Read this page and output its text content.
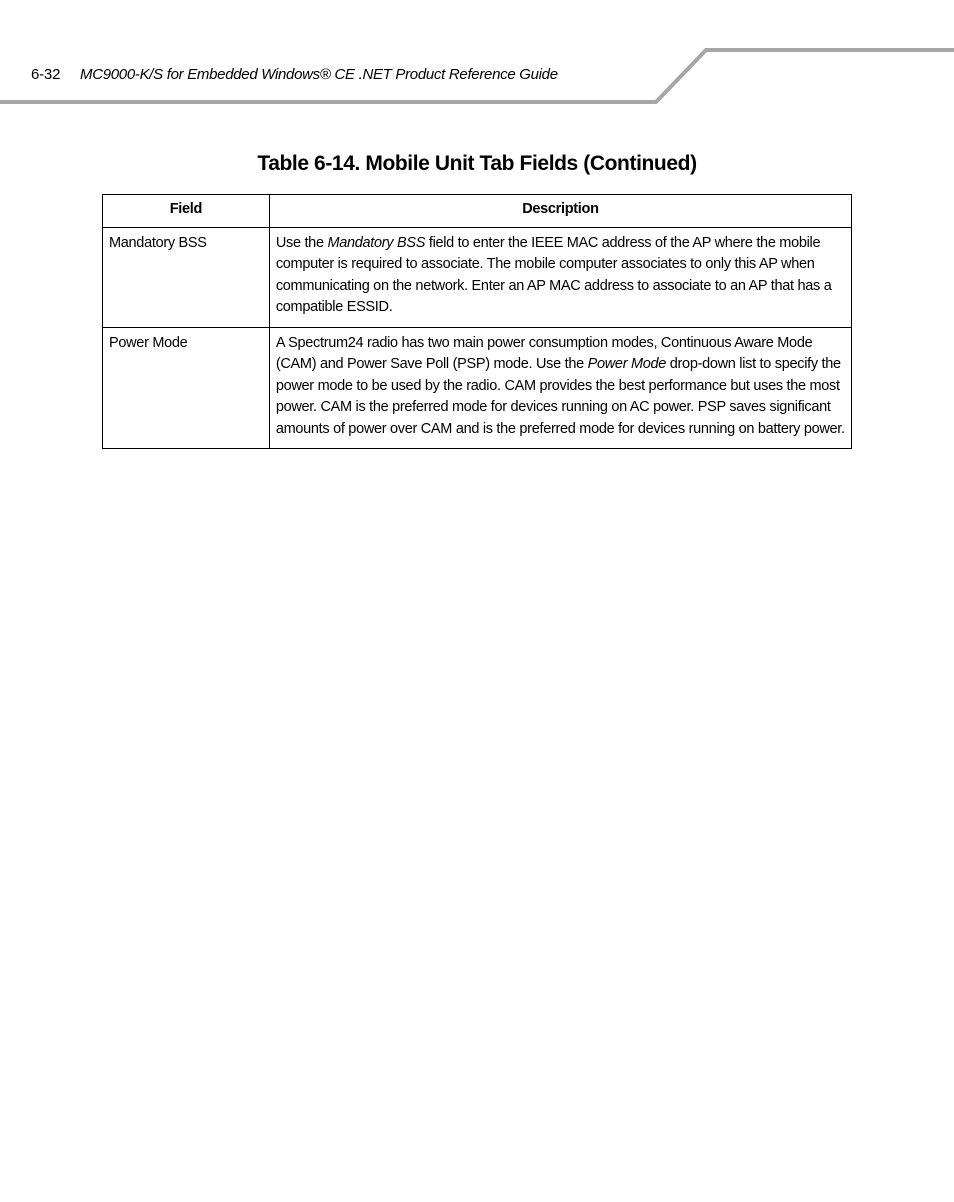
6-32 MC9000-K/S for Embedded Windows® CE .NET Product Reference Guide
Table 6-14. Mobile Unit Tab Fields (Continued)
Field	Description
Mandatory BSS	Use the Mandatory BSS field to enter the IEEE MAC address of the AP where the mobile computer is required to associate. The mobile computer associates to only this AP when communicating on the network. Enter an AP MAC address to associate to an AP that has a compatible ESSID.
Power Mode	A Spectrum24 radio has two main power consumption modes, Continuous Aware Mode (CAM) and Power Save Poll (PSP) mode. Use the Power Mode drop-down list to specify the power mode to be used by the radio. CAM provides the best performance but uses the most power. CAM is the preferred mode for devices running on AC power. PSP saves significant amounts of power over CAM and is the preferred mode for devices running on battery power.
